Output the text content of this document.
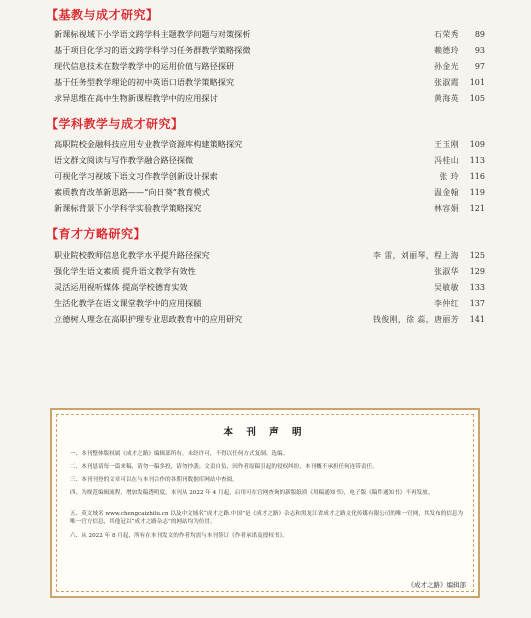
【基教与成才研究】
新课标视域下小学语文跨学科主题教学问题与对策探析	石荣秀	89
基于项目化学习的语文跨学科学习任务群教学策略探微	赖德玲	93
现代信息技术在数学教学中的运用价值与路径探研	孙金光	97
基于任务型教学理论的初中英语口语教学策略探究	张淑霞	101
求异思维在高中生物新课程教学中的应用探讨	黄海英	105
【学科教学与成才研究】
高职院校金融科技应用专业教学资源库构建策略探究	王玉刚	109
语文群文阅读与写作教学融合路径探微	冯桂山	113
可视化学习视域下语文习作教学创新设计探索	张 玲	116
素质教育改革新思路——“向日葵”教育模式	温金翰	119
新课标背景下小学科学实验教学策略探究	林容娟	121
【育才方略研究】
职业院校教师信息化教学水平提升路径探究	李 雷，刘丽琴，程上海	125
强化学生语文素质 提升语文教学有效性	张淑华	129
灵活运用视听媒体 提高学校德育实效	吴敏敏	133
生活化教学在语文课堂教学中的应用探赜	李仲红	137
立德树人理念在高职护理专业思政教育中的应用研究	钱俊刚，徐 蕊，唐丽芳	141
本 刊 声 明
一、本刊整体版权属《成才之路》编辑部所有。未经许可，不得以任何方式复制、选编。
二、本刊恳请每一篇来稿，请勿一稿多投，请勿抄袭；文责自负，因作者原稿引起的侵权纠纷，本刊概不承担任何连带责任。
三、本刊刊登的文章可以在与本刊合作的各期刊数据库网站中查阅。
四、为规范编辑流程，增加发稿透明度，本刊从 2022 年 4 月起，启用可在官网查询的新版纸质《用稿通知书》，电子版《稿件通知书》不再发放。
五、英文域名 www.chengcaizhilu.cn 以及中文域名“成才之路.中国”是《成才之路》杂志和黑龙江省成才之路文化传媒有限公司的唯一官网，其发布的信息为唯一官方信息，其他冠以“成才之路杂志”的网站均为仿冒。
六、从 2022 年 8 月起，所有在本刊发文的作者均需与本刊签订《作者承诺及授权书》。
《成才之路》编辑部
